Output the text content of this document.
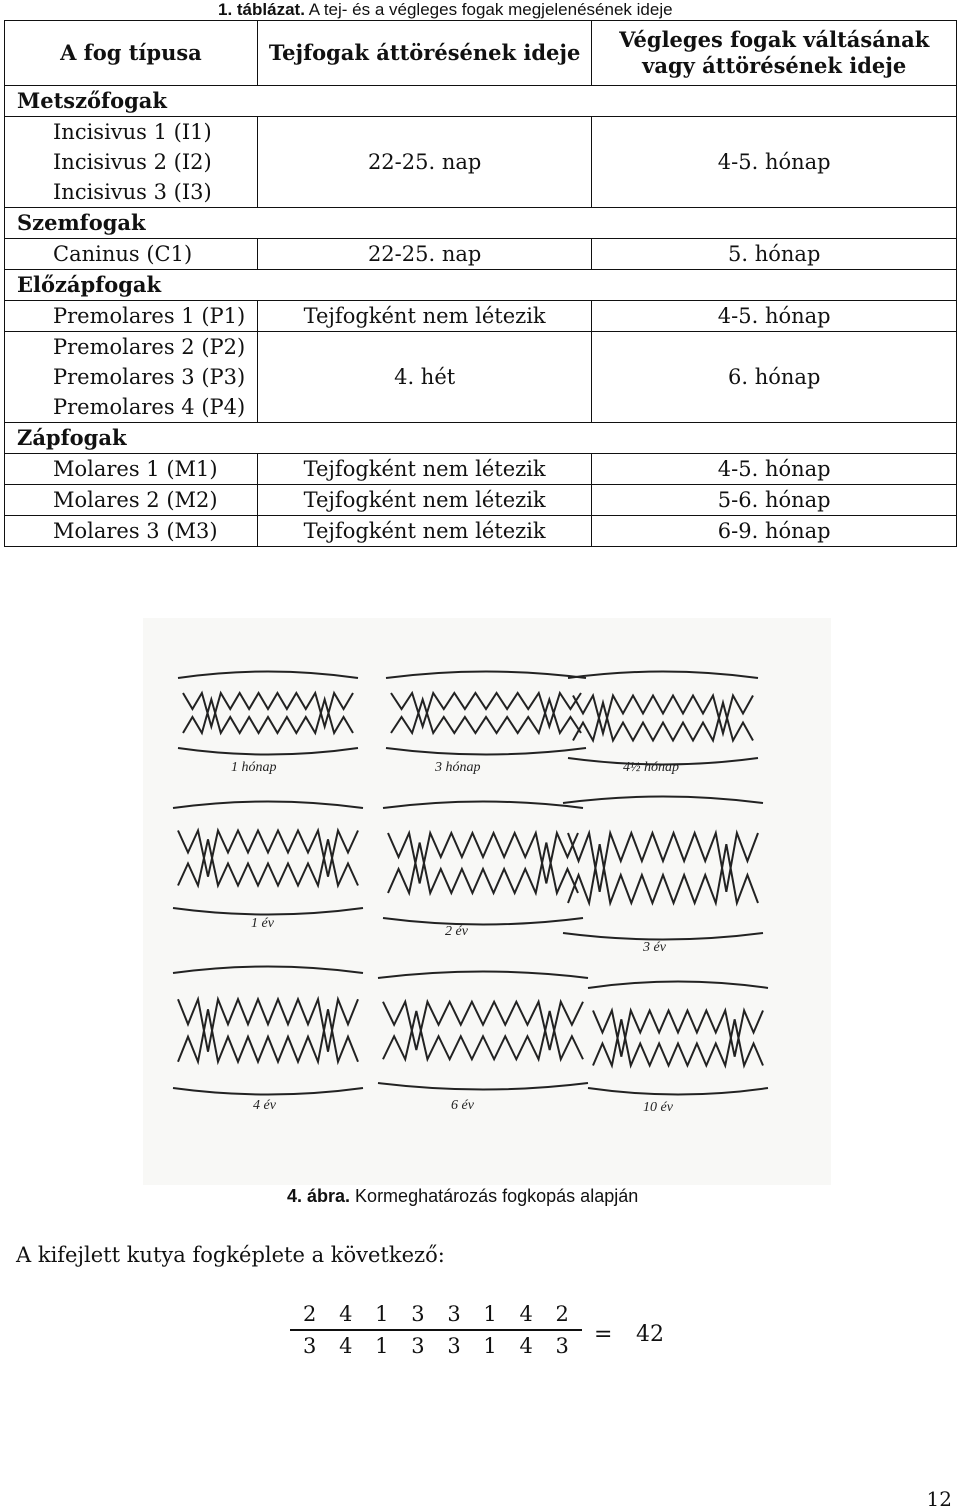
1. táblázat. A tej- és a végleges fogak megjelenésének ideje
A fog típusa	Tejfogak áttörésének ideje	Végleges fogak váltásának vagy áttörésének ideje
Metszőfogak		
Incisivus 1 (I1)	22-25. nap	4-5. hónap
Incisivus 2 (I2)		
Incisivus 3 (I3)		
Szemfogak		
Caninus (C1)	22-25. nap	5. hónap
Előzápfogak		
Premolares 1 (P1)	Tejfogként nem létezik	4-5. hónap
Premolares 2 (P2)	4. hét	6. hónap
Premolares 3 (P3)		
Premolares 4 (P4)		
Zápfogak		
Molares 1 (M1)	Tejfogként nem létezik	4-5. hónap
Molares 2 (M2)	Tejfogként nem létezik	5-6. hónap
Molares 3 (M3)	Tejfogként nem létezik	6-9. hónap
1 hónap	3 hónap	4½ hónap
1 év
2 év
3 év
4 év	6 év	10 év
4. ábra. Kormeghatározás fogkopás alapján
A kifejlett kutya fogképlete a következő:
2 4 1 3 3 1 4 2
3 4 1 3 3 1 4 3 = 42
12
